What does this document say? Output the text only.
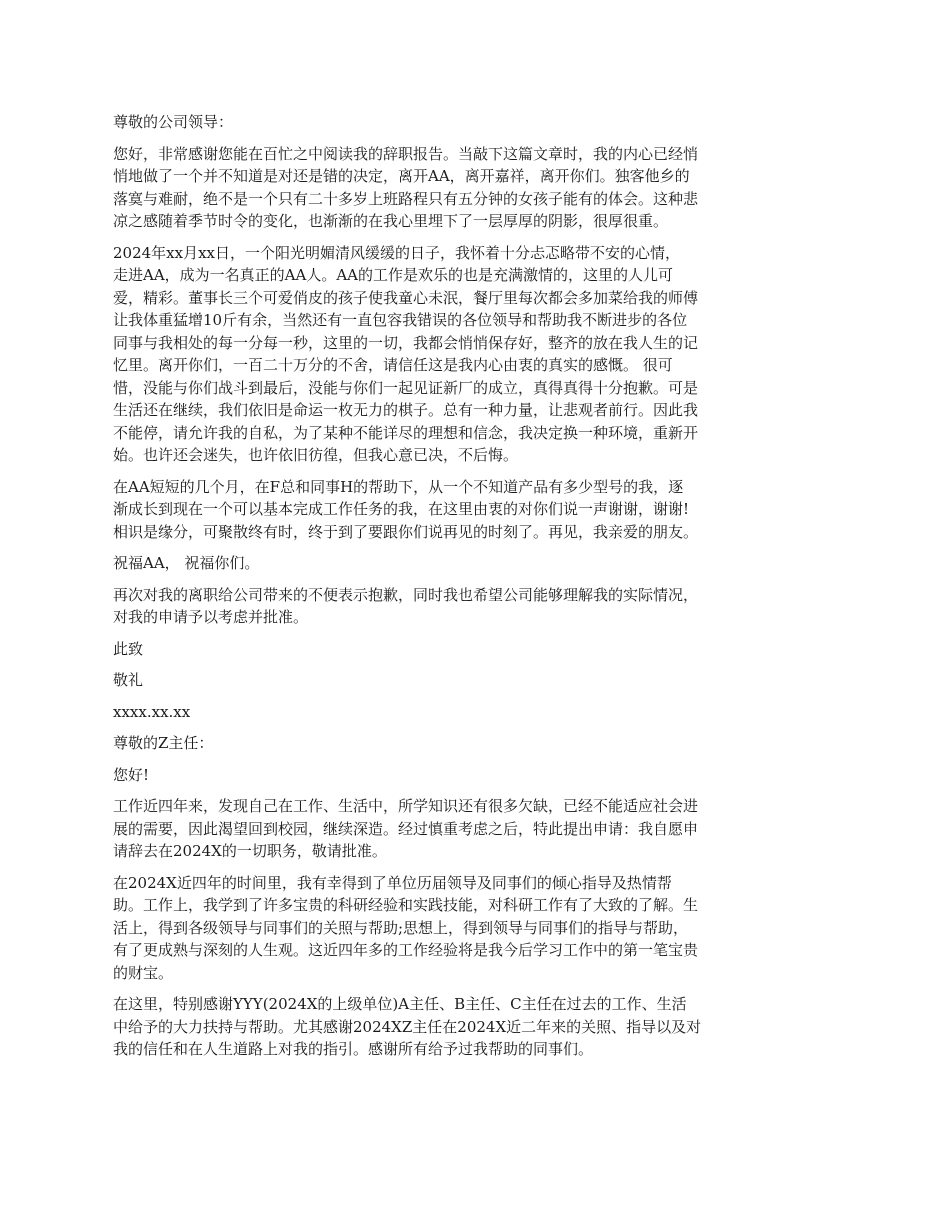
尊敬的公司领导：

您好，非常感谢您能在百忙之中阅读我的辞职报告。当敲下这篇文章时，我的内心已经悄
悄地做了一个并不知道是对还是错的决定，离开AA，离开嘉祥，离开你们。独客他乡的
落寞与难耐，绝不是一个只有二十多岁上班路程只有五分钟的女孩子能有的体会。这种悲
凉之感随着季节时令的变化，也渐渐的在我心里埋下了一层厚厚的阴影，很厚很重。

2024年xx月xx日，一个阳光明媚清风缓缓的日子，我怀着十分忐忑略带不安的心情，
走进AA，成为一名真正的AA人。AA的工作是欢乐的也是充满激情的，这里的人儿可
爱，精彩。董事长三个可爱俏皮的孩子使我童心未泯，餐厅里每次都会多加菜给我的师傅
让我体重猛增10斤有余，当然还有一直包容我错误的各位领导和帮助我不断进步的各位
同事与我相处的每一分每一秒，这里的一切，我都会悄悄保存好，整齐的放在我人生的记
忆里。离开你们，一百二十万分的不舍，请信任这是我内心由衷的真实的感慨。 很可
惜，没能与你们战斗到最后，没能与你们一起见证新厂的成立，真得真得十分抱歉。可是
生活还在继续，我们依旧是命运一枚无力的棋子。总有一种力量，让悲观者前行。因此我
不能停，请允许我的自私，为了某种不能详尽的理想和信念，我决定换一种环境，重新开
始。也许还会迷失，也许依旧彷徨，但我心意已决，不后悔。

在AA短短的几个月，在F总和同事H的帮助下，从一个不知道产品有多少型号的我，逐
渐成长到现在一个可以基本完成工作任务的我，在这里由衷的对你们说一声谢谢，谢谢!
相识是缘分，可聚散终有时，终于到了要跟你们说再见的时刻了。再见，我亲爱的朋友。

祝福AA， 祝福你们。

再次对我的离职给公司带来的不便表示抱歉，同时我也希望公司能够理解我的实际情况，
对我的申请予以考虑并批准。

此致

敬礼

xxxx.xx.xx

尊敬的Z主任：

您好!

工作近四年来，发现自己在工作、生活中，所学知识还有很多欠缺，已经不能适应社会进
展的需要，因此渴望回到校园，继续深造。经过慎重考虑之后，特此提出申请：我自愿申
请辞去在2024X的一切职务，敬请批准。

在2024X近四年的时间里，我有幸得到了单位历届领导及同事们的倾心指导及热情帮
助。工作上，我学到了许多宝贵的科研经验和实践技能，对科研工作有了大致的了解。生
活上，得到各级领导与同事们的关照与帮助;思想上，得到领导与同事们的指导与帮助，
有了更成熟与深刻的人生观。这近四年多的工作经验将是我今后学习工作中的第一笔宝贵
的财宝。

在这里，特别感谢YYY(2024X的上级单位)A主任、B主任、C主任在过去的工作、生活
中给予的大力扶持与帮助。尤其感谢2024XZ主任在2024X近二年来的关照、指导以及对
我的信任和在人生道路上对我的指引。感谢所有给予过我帮助的同事们。
